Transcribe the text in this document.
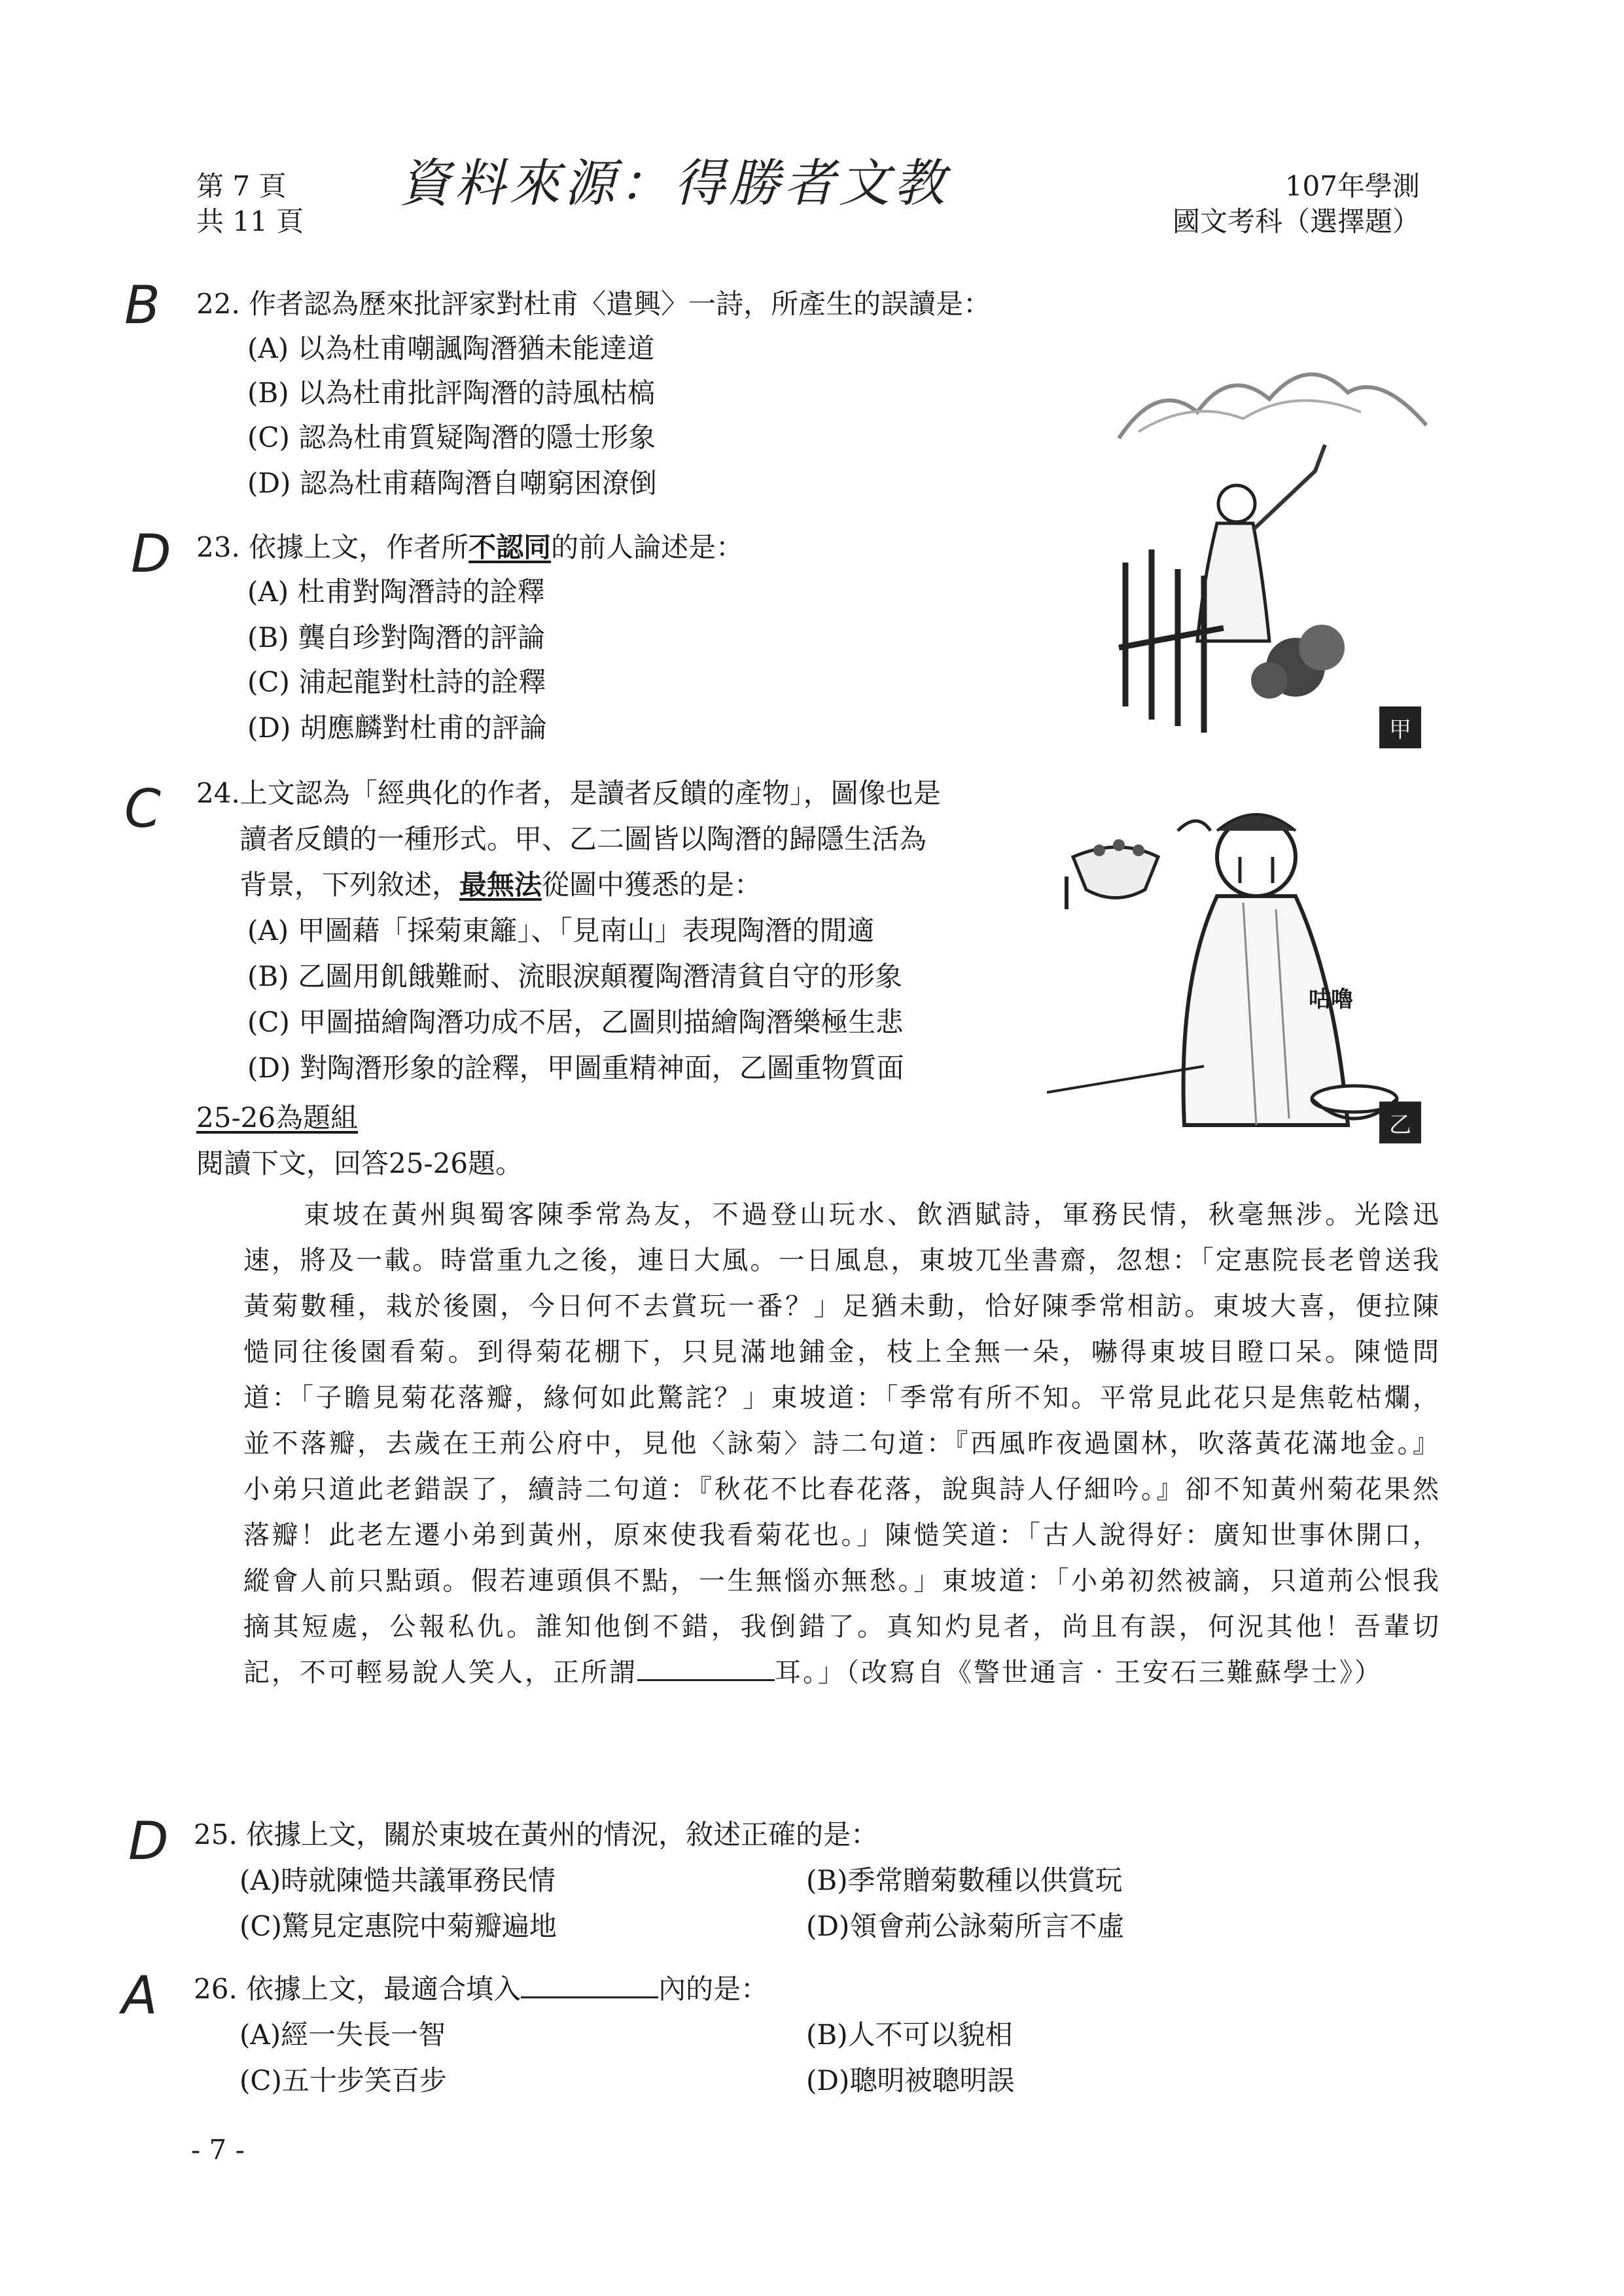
第 7 頁
共 11 頁
資料來源：得勝者文教	107年學測
國文考科（選擇題）
B 22. 作者認為歷來批評家對杜甫〈遣興〉一詩，所產生的誤讀是：
(A) 以為杜甫嘲諷陶潛猶未能達道
(B) 以為杜甫批評陶潛的詩風枯槁
(C) 認為杜甫質疑陶潛的隱士形象
(D) 認為杜甫藉陶潛自嘲窮困潦倒
D 23. 依據上文，作者所不認同的前人論述是：
(A) 杜甫對陶潛詩的詮釋
(B) 龔自珍對陶潛的評論
(C) 浦起龍對杜詩的詮釋
(D) 胡應麟對杜甫的評論	甲
C 24.上文認為「經典化的作者，是讀者反饋的產物」，圖像也是
讀者反饋的一種形式。甲、乙二圖皆以陶潛的歸隱生活為
背景，下列敘述，最無法從圖中獲悉的是：
(A) 甲圖藉「採菊東籬」、「見南山」表現陶潛的閒適
(B) 乙圖用飢餓難耐、流眼淚顛覆陶潛清貧自守的形象
(C) 甲圖描繪陶潛功成不居，乙圖則描繪陶潛樂極生悲
(D) 對陶潛形象的詮釋，甲圖重精神面，乙圖重物質面
咕嚕
乙
25-26為題組
閱讀下文，回答25-26題。

東坡在黃州與蜀客陳季常為友，不過登山玩水、飲酒賦詩，軍務民情，秋毫無涉。光陰迅速，將及一載。時當重九之後，連日大風。一日風息，東坡兀坐書齋，忽想：「定惠院長老曾送我黃菊數種，栽於後園，今日何不去賞玩一番？」足猶未動，恰好陳季常相訪。東坡大喜，便拉陳慥同往後園看菊。到得菊花棚下，只見滿地鋪金，枝上全無一朵，嚇得東坡目瞪口呆。陳慥問道：「子瞻見菊花落瓣，緣何如此驚詫？」東坡道：「季常有所不知。平常見此花只是焦乾枯爛，並不落瓣，去歲在王荊公府中，見他〈詠菊〉詩二句道：『西風昨夜過園林，吹落黃花滿地金。』小弟只道此老錯誤了，續詩二句道：『秋花不比春花落，說與詩人仔細吟。』卻不知黃州菊花果然落瓣！此老左遷小弟到黃州，原來使我看菊花也。」陳慥笑道：「古人說得好：廣知世事休開口，縱會人前只點頭。假若連頭俱不點，一生無惱亦無愁。」東坡道：「小弟初然被謫，只道荊公恨我摘其短處，公報私仇。誰知他倒不錯，我倒錯了。真知灼見者，尚且有誤，何況其他！吾輩切記，不可輕易說人笑人，正所謂	耳。」（改寫自《警世通言‧王安石三難蘇學士》）

D 25. 依據上文，關於東坡在黃州的情況，敘述正確的是：
(A)時就陳慥共議軍務民情	(B)季常贈菊數種以供賞玩
(C)驚見定惠院中菊瓣遍地	(D)領會荊公詠菊所言不虛
A 26. 依據上文，最適合填入	內的是：
(A)經一失長一智	(B)人不可以貌相
(C)五十步笑百步	(D)聰明被聰明誤
- 7 -
